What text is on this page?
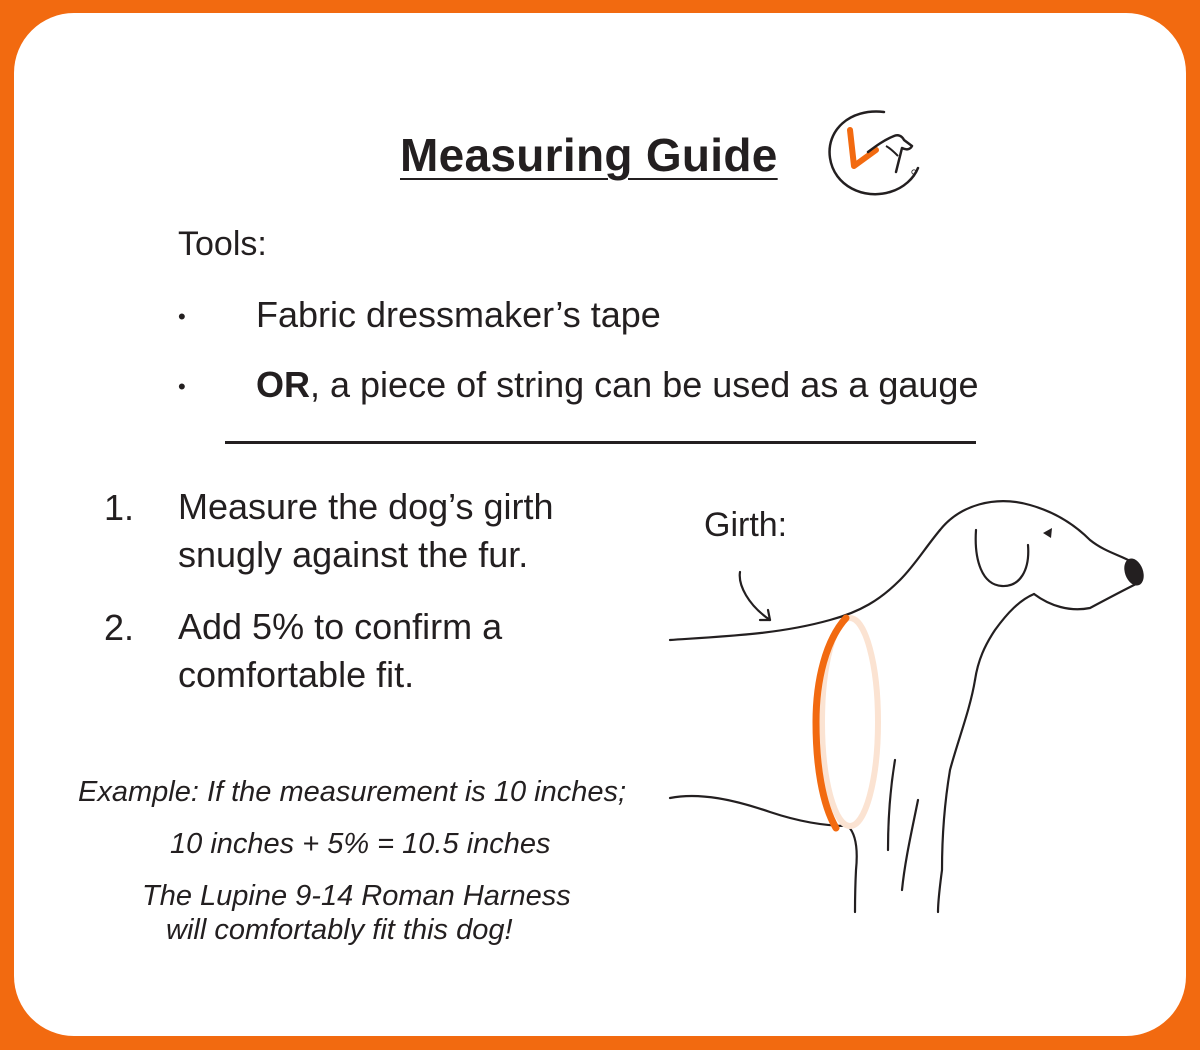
Measuring Guide
Tools:
• Fabric dressmaker’s tape
• OR, a piece of string can be used as a gauge
1. Measure the dog’s girth snugly against the fur.
2. Add 5% to confirm a comfortable fit.
Example: If the measurement is 10 inches;
10 inches + 5% = 10.5 inches
The Lupine 9-14 Roman Harness
will comfortably fit this dog!
Girth:
